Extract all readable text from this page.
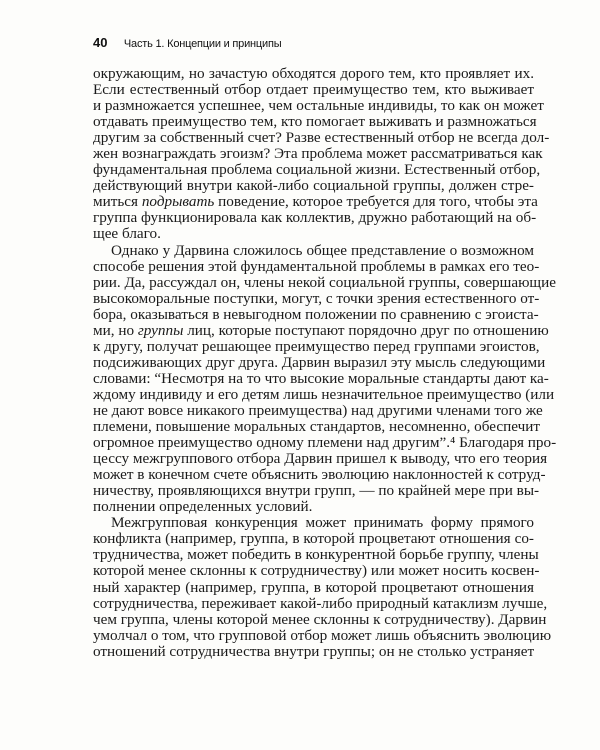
40 Часть 1. Концепции и принципы
окружающим, но зачастую обходятся дорого тем, кто проявляет их.
Если естественный отбор отдает преимущество тем, кто выживает
и размножается успешнее, чем остальные индивиды, то как он может
отдавать преимущество тем, кто помогает выживать и размножаться
другим за собственный счет? Разве естественный отбор не всегда дол-
жен вознаграждать эгоизм? Эта проблема может рассматриваться как
фундаментальная проблема социальной жизни. Естественный отбор,
действующий внутри какой-либо социальной группы, должен стре-
миться подрывать поведение, которое требуется для того, чтобы эта
группа функционировала как коллектив, дружно работающий на об-
щее благо.
Однако у Дарвина сложилось общее представление о возможном
способе решения этой фундаментальной проблемы в рамках его тео-
рии. Да, рассуждал он, члены некой социальной группы, совершающие
высокоморальные поступки, могут, с точки зрения естественного от-
бора, оказываться в невыгодном положении по сравнению с эгоиста-
ми, но группы лиц, которые поступают порядочно друг по отношению
к другу, получат решающее преимущество перед группами эгоистов,
подсиживающих друг друга. Дарвин выразил эту мысль следующими
словами: “Несмотря на то что высокие моральные стандарты дают ка-
ждому индивиду и его детям лишь незначительное преимущество (или
не дают вовсе никакого преимущества) над другими членами того же
племени, повышение моральных стандартов, несомненно, обеспечит
огромное преимущество одному племени над другим”.⁴ Благодаря про-
цессу межгруппового отбора Дарвин пришел к выводу, что его теория
может в конечном счете объяснить эволюцию наклонностей к сотруд-
ничеству, проявляющихся внутри групп, — по крайней мере при вы-
полнении определенных условий.
Межгрупповая конкуренция может принимать форму прямого
конфликта (например, группа, в которой процветают отношения со-
трудничества, может победить в конкурентной борьбе группу, члены
которой менее склонны к сотрудничеству) или может носить косвен-
ный характер (например, группа, в которой процветают отношения
сотрудничества, переживает какой-либо природный катаклизм лучше,
чем группа, члены которой менее склонны к сотрудничеству). Дарвин
умолчал о том, что групповой отбор может лишь объяснить эволюцию
отношений сотрудничества внутри группы; он не столько устраняет
